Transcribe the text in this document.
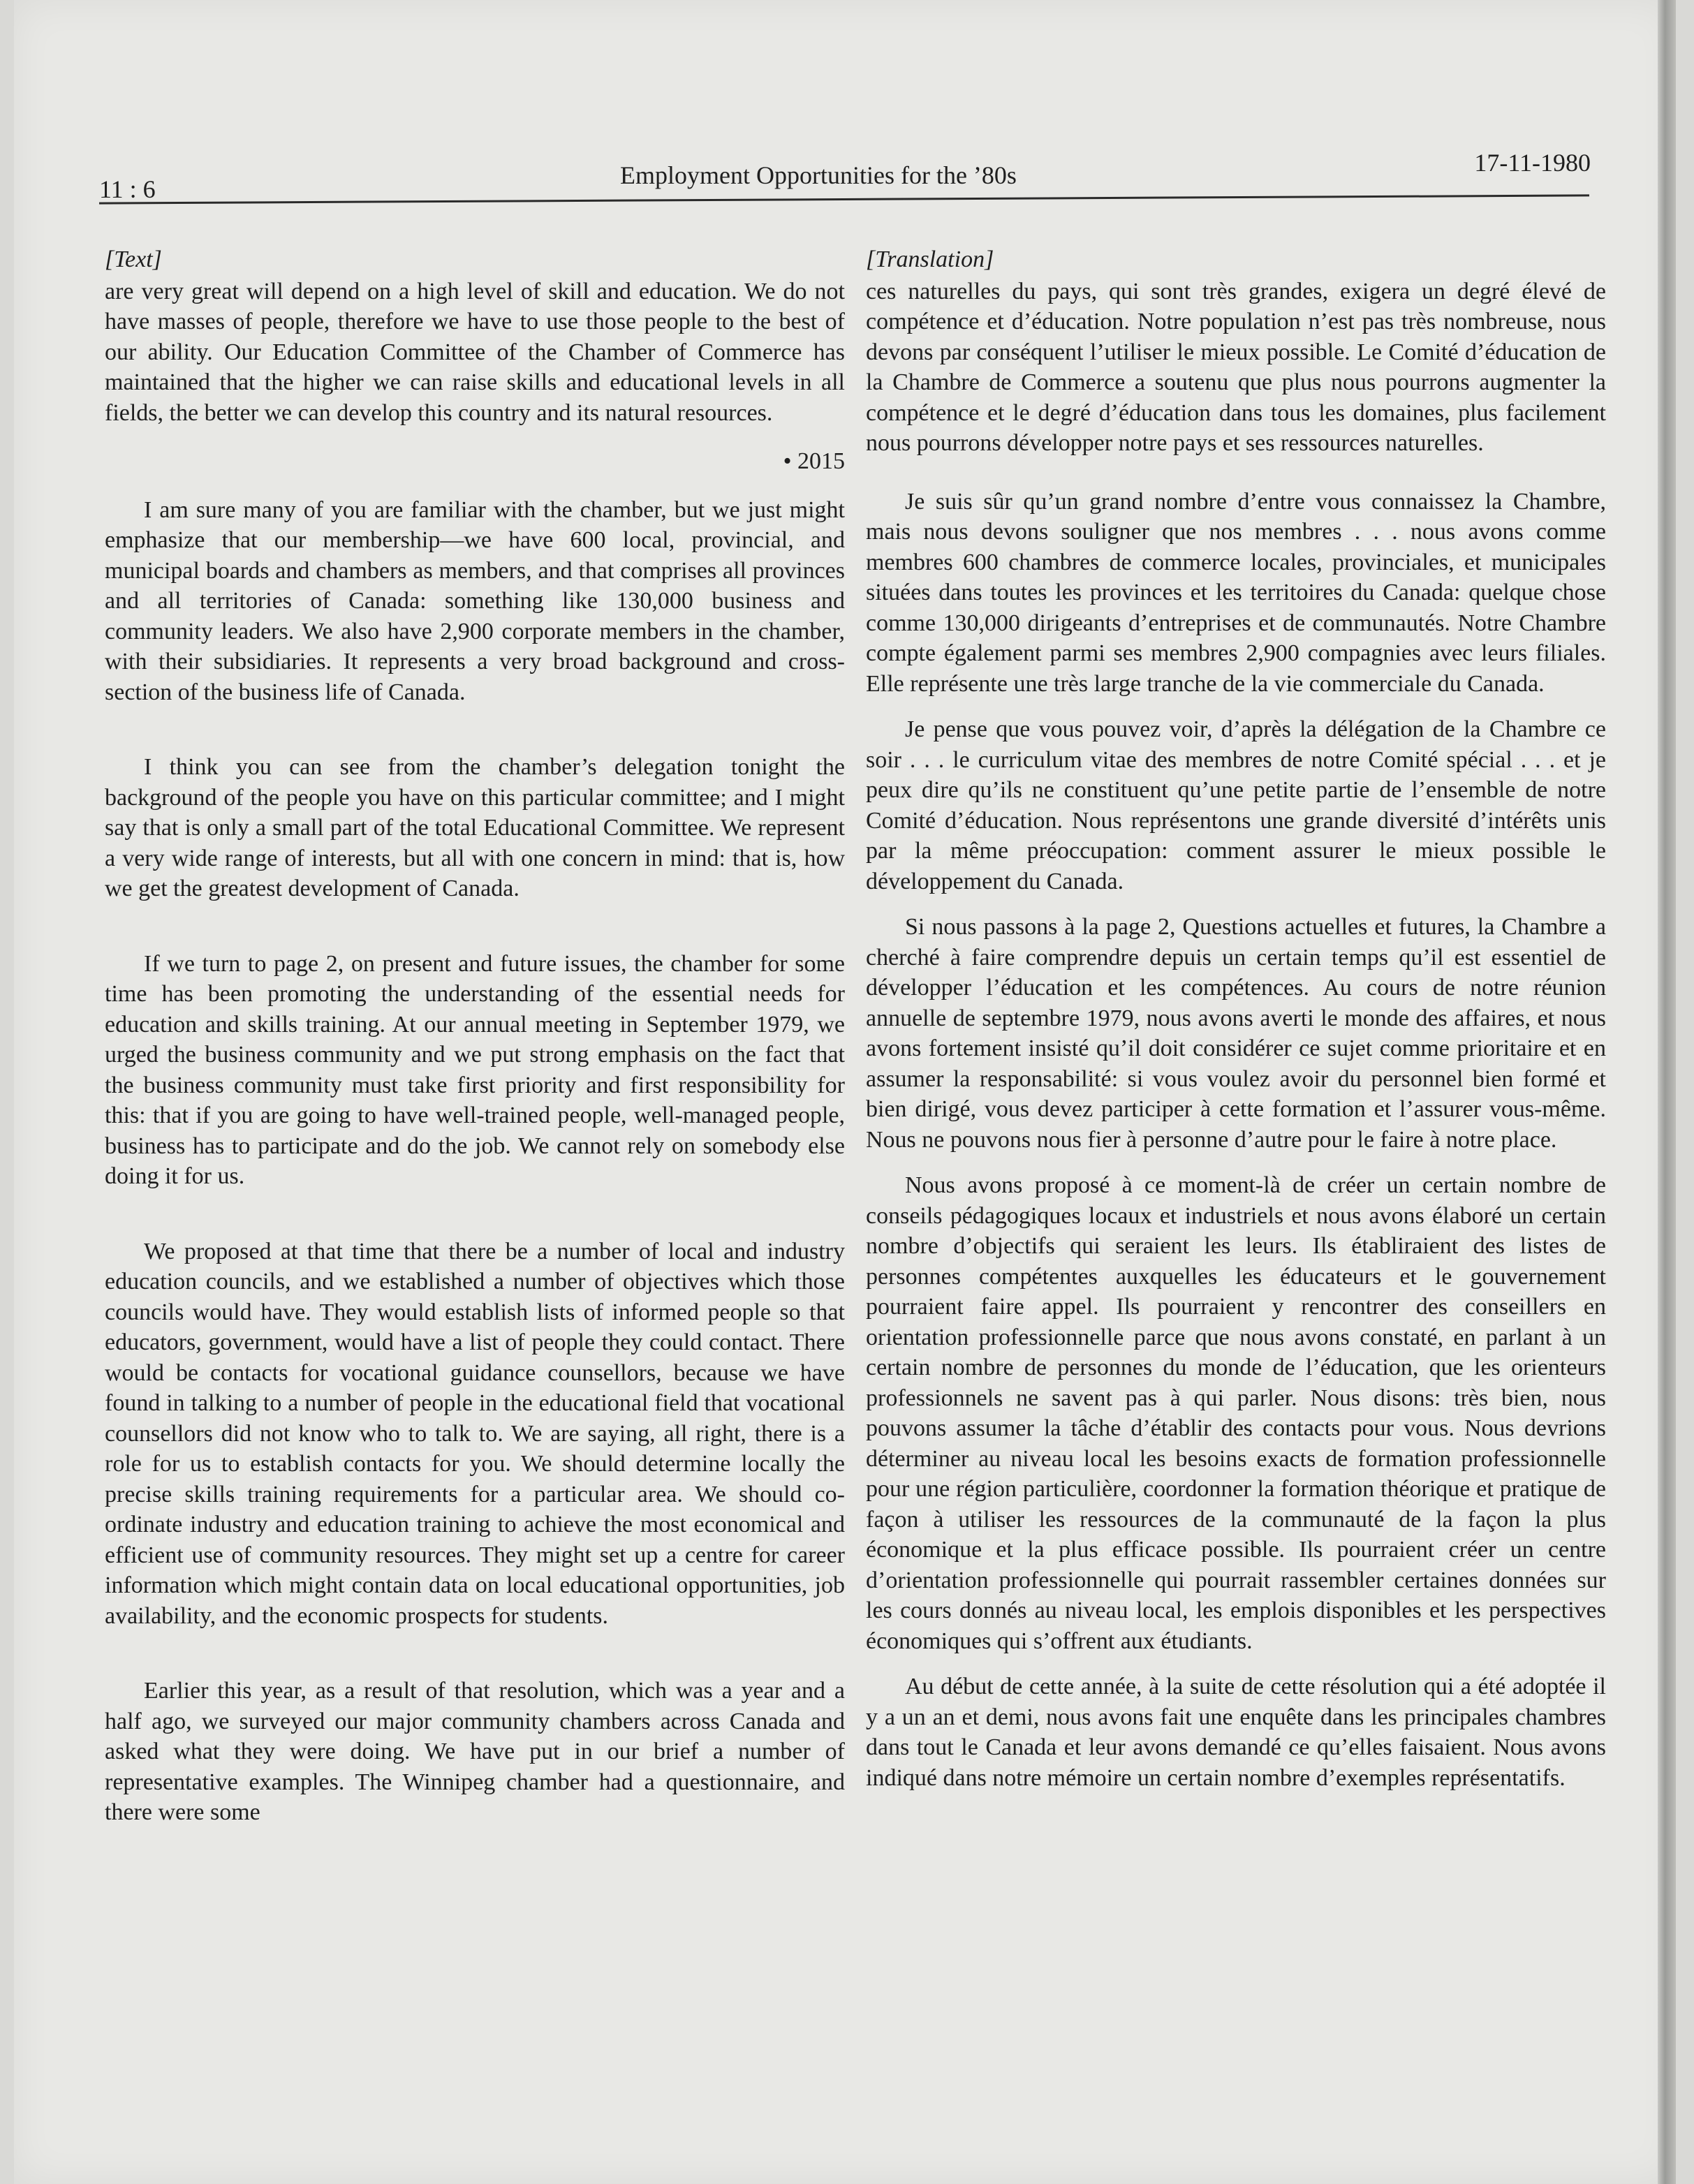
11 : 6	Employment Opportunities for the ’80s	17-11-1980
[Text]

are very great will depend on a high level of skill and education. We do not have masses of people, therefore we have to use those people to the best of our ability. Our Education Committee of the Chamber of Commerce has maintained that the higher we can raise skills and educational levels in all fields, the better we can develop this country and its natural resources.

• 2015

I am sure many of you are familiar with the chamber, but we just might emphasize that our membership—we have 600 local, provincial, and municipal boards and chambers as members, and that comprises all provinces and all territories of Canada: something like 130,000 business and community leaders. We also have 2,900 corporate members in the chamber, with their subsidiaries. It represents a very broad background and cross-section of the business life of Canada.

I think you can see from the chamber’s delegation tonight the background of the people you have on this particular committee; and I might say that is only a small part of the total Educational Committee. We represent a very wide range of interests, but all with one concern in mind: that is, how we get the greatest development of Canada.

If we turn to page 2, on present and future issues, the chamber for some time has been promoting the understanding of the essential needs for education and skills training. At our annual meeting in September 1979, we urged the business community and we put strong emphasis on the fact that the business community must take first priority and first responsibility for this: that if you are going to have well-trained people, well-managed people, business has to participate and do the job. We cannot rely on somebody else doing it for us.

We proposed at that time that there be a number of local and industry education councils, and we established a number of objectives which those councils would have. They would establish lists of informed people so that educators, government, would have a list of people they could contact. There would be contacts for vocational guidance counsellors, because we have found in talking to a number of people in the educational field that vocational counsellors did not know who to talk to. We are saying, all right, there is a role for us to establish contacts for you. We should determine locally the precise skills training requirements for a particular area. We should co-ordinate industry and education training to achieve the most economical and efficient use of community resources. They might set up a centre for career information which might contain data on local educational opportunities, job availability, and the economic prospects for students.

Earlier this year, as a result of that resolution, which was a year and a half ago, we surveyed our major community chambers across Canada and asked what they were doing. We have put in our brief a number of representative examples. The Winnipeg chamber had a questionnaire, and there were some

[Translation]

ces naturelles du pays, qui sont très grandes, exigera un degré élevé de compétence et d’éducation. Notre population n’est pas très nombreuse, nous devons par conséquent l’utiliser le mieux possible. Le Comité d’éducation de la Chambre de Commerce a soutenu que plus nous pourrons augmenter la compétence et le degré d’éducation dans tous les domaines, plus facilement nous pourrons développer notre pays et ses ressources naturelles.

Je suis sûr qu’un grand nombre d’entre vous connaissez la Chambre, mais nous devons souligner que nos membres . . . nous avons comme membres 600 chambres de commerce locales, provinciales, et municipales situées dans toutes les provinces et les territoires du Canada: quelque chose comme 130,000 dirigeants d’entreprises et de communautés. Notre Chambre compte également parmi ses membres 2,900 compagnies avec leurs filiales. Elle représente une très large tranche de la vie commerciale du Canada.

Je pense que vous pouvez voir, d’après la délégation de la Chambre ce soir . . . le curriculum vitae des membres de notre Comité spécial . . . et je peux dire qu’ils ne constituent qu’une petite partie de l’ensemble de notre Comité d’éducation. Nous représentons une grande diversité d’intérêts unis par la même préoccupation: comment assurer le mieux possible le développement du Canada.

Si nous passons à la page 2, Questions actuelles et futures, la Chambre a cherché à faire comprendre depuis un certain temps qu’il est essentiel de développer l’éducation et les compétences. Au cours de notre réunion annuelle de septembre 1979, nous avons averti le monde des affaires, et nous avons fortement insisté qu’il doit considérer ce sujet comme prioritaire et en assumer la responsabilité: si vous voulez avoir du personnel bien formé et bien dirigé, vous devez participer à cette formation et l’assurer vous-même. Nous ne pouvons nous fier à personne d’autre pour le faire à notre place.

Nous avons proposé à ce moment-là de créer un certain nombre de conseils pédagogiques locaux et industriels et nous avons élaboré un certain nombre d’objectifs qui seraient les leurs. Ils établiraient des listes de personnes compétentes auxquelles les éducateurs et le gouvernement pourraient faire appel. Ils pourraient y rencontrer des conseillers en orientation professionnelle parce que nous avons constaté, en parlant à un certain nombre de personnes du monde de l’éducation, que les orienteurs professionnels ne savent pas à qui parler. Nous disons: très bien, nous pouvons assumer la tâche d’établir des contacts pour vous. Nous devrions déterminer au niveau local les besoins exacts de formation professionnelle pour une région particulière, coordonner la formation théorique et pratique de façon à utiliser les ressources de la communauté de la façon la plus économique et la plus efficace possible. Ils pourraient créer un centre d’orientation professionnelle qui pourrait rassembler certaines données sur les cours donnés au niveau local, les emplois disponibles et les perspectives économiques qui s’offrent aux étudiants.

Au début de cette année, à la suite de cette résolution qui a été adoptée il y a un an et demi, nous avons fait une enquête dans les principales chambres dans tout le Canada et leur avons demandé ce qu’elles faisaient. Nous avons indiqué dans notre mémoire un certain nombre d’exemples représentatifs.
